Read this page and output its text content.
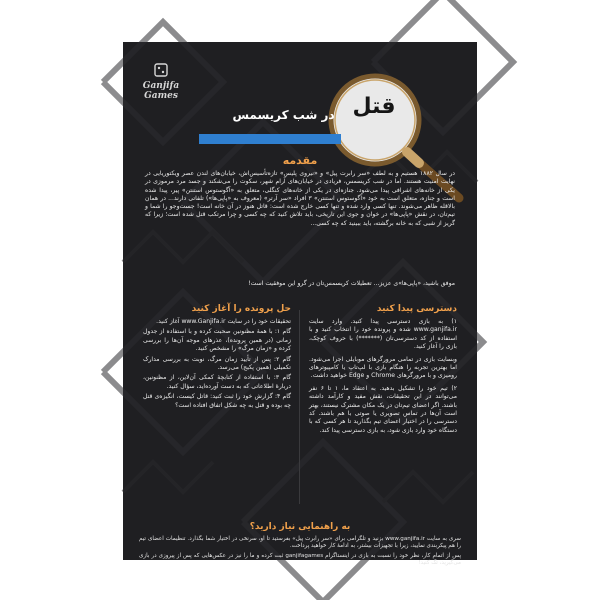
Ganjifa
Games	قتل
در شب کریسمس
مقدمه
در سال ۱۸۸۲ هستیم و به لطف «سر رابرت پیل» و «نیروی پلیس» تازه‌تأسیس‌اش، خیابان‌های لندن عصر ویکتوریایی در نهایت امنیت هستند. اما در شب کریسمس، فریادی در خیابان‌های آرام شهر، سکوت را می‌شکند و جسد مرد مرموزی در یکی از خانه‌های اشرافی پیدا می‌شود. جنازه‌ای در یکی از خانه‌های کنگلی، متعلق به «آگوستوس استنتن» پیر، پیدا شده است و جنازه، متعلق است به خود «آگوستوس استنتن» ۳ افراد «سر آرتر» (معروف به «پاپی‌ها») تلفاتی دارند... در همان بالاقله ظاهر می‌شوند. تنها کسی وارد شده و تنها کسی خارج شده است: قاتل هنوز در آن خانه است! جست‌وجو را شما و تیم‌تان، در نقش «پاپی‌ها» در خوان و جوی این تاریخی، باید تلاش کنید که چه کسی و چرا مرتکب قتل شده است؛ زیرا که گریز از شبی که به خانه برگشته، باید ببینید که چه کسی...
موفق باشید، «پاپی‌ها»ی عزیز... تعطیلات کریسمس‌تان در گرو این موفقیت است!
دسترسی پیدا کنید

۱) به بازی دسترسی پیدا کنید. وارد سایت www.ganjifa.ir شده و پرونده خود را انتخاب کنید و با استفاده از کد دسترسی‌تان (*******) با حروف کوچک، بازی را آغاز کنید.

وبسایت بازی در تمامی مرورگرهای موبایلی اجرا می‌شود. اما بهترین تجربه را هنگام بازی با لپ‌تاپ یا کامپیوترهای رومیزی و با مرورگرهای Chrome و Edge خواهید داشت.

۲) تیم خود را تشکیل بدهید. به اعتقاد ما، ۱ تا ۶ نفر می‌توانند در این تحقیقات، نقش مفید و کارآمد داشته باشند. اگر اعضای تیم‌تان در یک مکان مشترک نیستند، بهتر است آن‌ها در تماس تصویری یا صوتی با هم باشند. کد دسترسی را در اختیار اعضای تیم بگذارید تا هر کسی که با دستگاه خود وارد بازی شود، به بازی دسترسی پیدا کند.

حل پرونده را آغاز کنید

تحقیقات خود را در سایت www.Ganjifa.ir آغاز کنید.

گام ۱: با همهٔ مظنونین صحبت کرده و با استفاده از جدول زمانی (در همین پرونده)، عذرهای موجه آن‌ها را بررسی کرده و «زمان مرگ» را مشخص کنید.

گام ۲: پس از تأیید زمان مرگ، نوبت به بررسی مدارک تکمیلی (همین پکیج) می‌رسد.

گام ۳: با استفاده از کتابچهٔ کمکی آن‌لاین، از مظنونین، دربارهٔ اطلاعاتی که به دست آورده‌اید، سؤال کنید.

گام ۴: گزارش خود را ثبت کنید: قاتل کیست، انگیزه‌ی قتل چه بوده و قتل به چه شکل اتفاق افتاده است؟

به راهنمایی نیاز دارید؟

سری به سایت www.ganjifa.ir بزنید و تلگرامی برای «سر رابرت پیل» بفرستید تا او، سرنخی در اختیار شما بگذارد. تنظیمات اعضای تیم را هم پیکربندی نمایید، زیرا با تجهیزات بیشتر، به ادامهٔ کار خواهید پرداخت.

پس از اتمام کار، نظر خود را نسبت به بازی در اینستاگرام ganjifagames ثبت کرده و ما را نیز در عکس‌هایی که پس از پیروزی در بازی می‌گیرید، تگ کنید!
